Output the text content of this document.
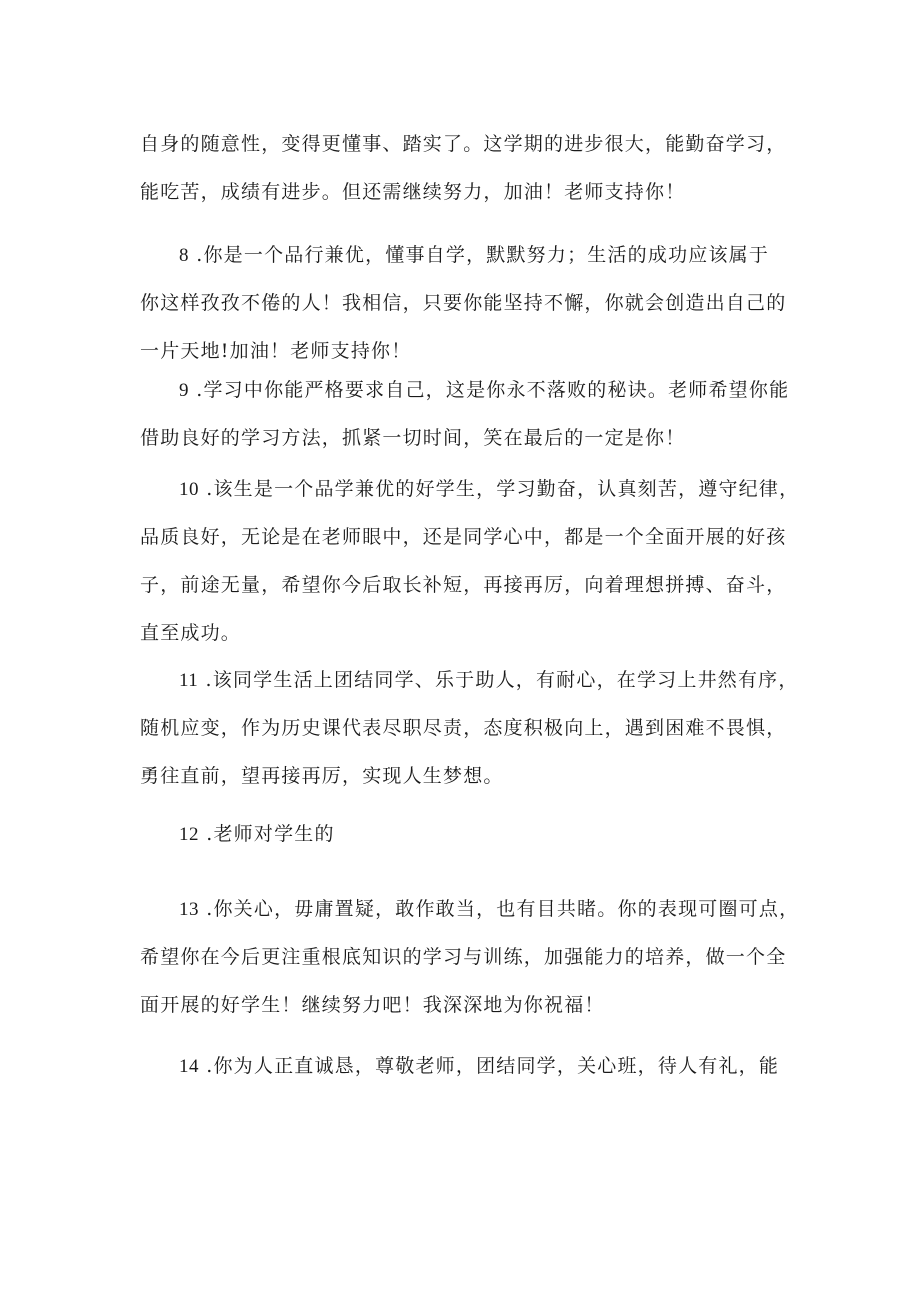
自身的随意性，变得更懂事、踏实了。这学期的进步很大，能勤奋学习，
能吃苦，成绩有进步。但还需继续努力，加油！老师支持你！

8 .你是一个品行兼优，懂事自学，默默努力；生活的成功应该属于
你这样孜孜不倦的人！我相信，只要你能坚持不懈，你就会创造出自己的
一片天地!加油！老师支持你！

9 .学习中你能严格要求自己，这是你永不落败的秘诀。老师希望你能
借助良好的学习方法，抓紧一切时间，笑在最后的一定是你！

10 .该生是一个品学兼优的好学生，学习勤奋，认真刻苦，遵守纪律，
品质良好，无论是在老师眼中，还是同学心中，都是一个全面开展的好孩
子，前途无量，希望你今后取长补短，再接再厉，向着理想拼搏、奋斗，
直至成功。

11 .该同学生活上团结同学、乐于助人，有耐心，在学习上井然有序，
随机应变，作为历史课代表尽职尽责，态度积极向上，遇到困难不畏惧，
勇往直前，望再接再厉，实现人生梦想。

12 .老师对学生的

13 .你关心，毋庸置疑，敢作敢当，也有目共睹。你的表现可圈可点，
希望你在今后更注重根底知识的学习与训练，加强能力的培养，做一个全
面开展的好学生！继续努力吧！我深深地为你祝福！

14 .你为人正直诚恳，尊敬老师，团结同学，关心班，待人有礼，能
